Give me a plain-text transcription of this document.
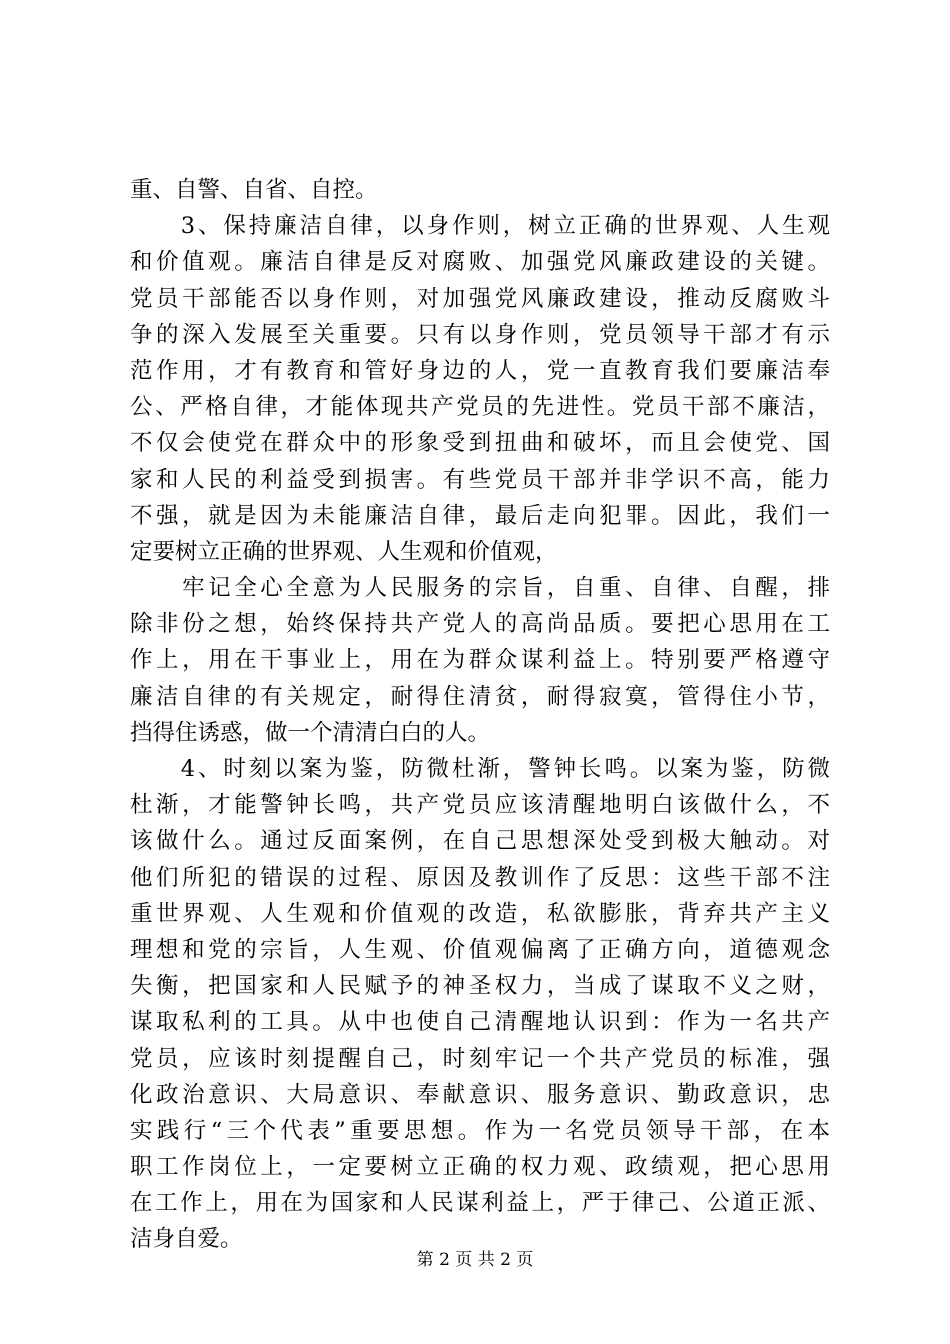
重、自警、自省、自控。
　　3、保持廉洁自律，以身作则，树立正确的世界观、人生观
和价值观。廉洁自律是反对腐败、加强党风廉政建设的关键。
党员干部能否以身作则，对加强党风廉政建设，推动反腐败斗
争的深入发展至关重要。只有以身作则，党员领导干部才有示
范作用，才有教育和管好身边的人，党一直教育我们要廉洁奉
公、严格自律，才能体现共产党员的先进性。党员干部不廉洁，
不仅会使党在群众中的形象受到扭曲和破坏，而且会使党、国
家和人民的利益受到损害。有些党员干部并非学识不高，能力
不强，就是因为未能廉洁自律，最后走向犯罪。因此，我们一
定要树立正确的世界观、人生观和价值观，
　　牢记全心全意为人民服务的宗旨，自重、自律、自醒，排
除非份之想，始终保持共产党人的高尚品质。要把心思用在工
作上，用在干事业上，用在为群众谋利益上。特别要严格遵守
廉洁自律的有关规定，耐得住清贫，耐得寂寞，管得住小节，
挡得住诱惑，做一个清清白白的人。
　　4、时刻以案为鉴，防微杜渐，警钟长鸣。以案为鉴，防微
杜渐，才能警钟长鸣，共产党员应该清醒地明白该做什么，不
该做什么。通过反面案例，在自己思想深处受到极大触动。对
他们所犯的错误的过程、原因及教训作了反思：这些干部不注
重世界观、人生观和价值观的改造，私欲膨胀，背弃共产主义
理想和党的宗旨，人生观、价值观偏离了正确方向，道德观念
失衡，把国家和人民赋予的神圣权力，当成了谋取不义之财，
谋取私利的工具。从中也使自己清醒地认识到：作为一名共产
党员，应该时刻提醒自己，时刻牢记一个共产党员的标准，强
化政治意识、大局意识、奉献意识、服务意识、勤政意识，忠
实践行“三个代表”重要思想。作为一名党员领导干部，在本
职工作岗位上，一定要树立正确的权力观、政绩观，把心思用
在工作上，用在为国家和人民谋利益上，严于律己、公道正派、
洁身自爱。
第 2 页 共 2 页
